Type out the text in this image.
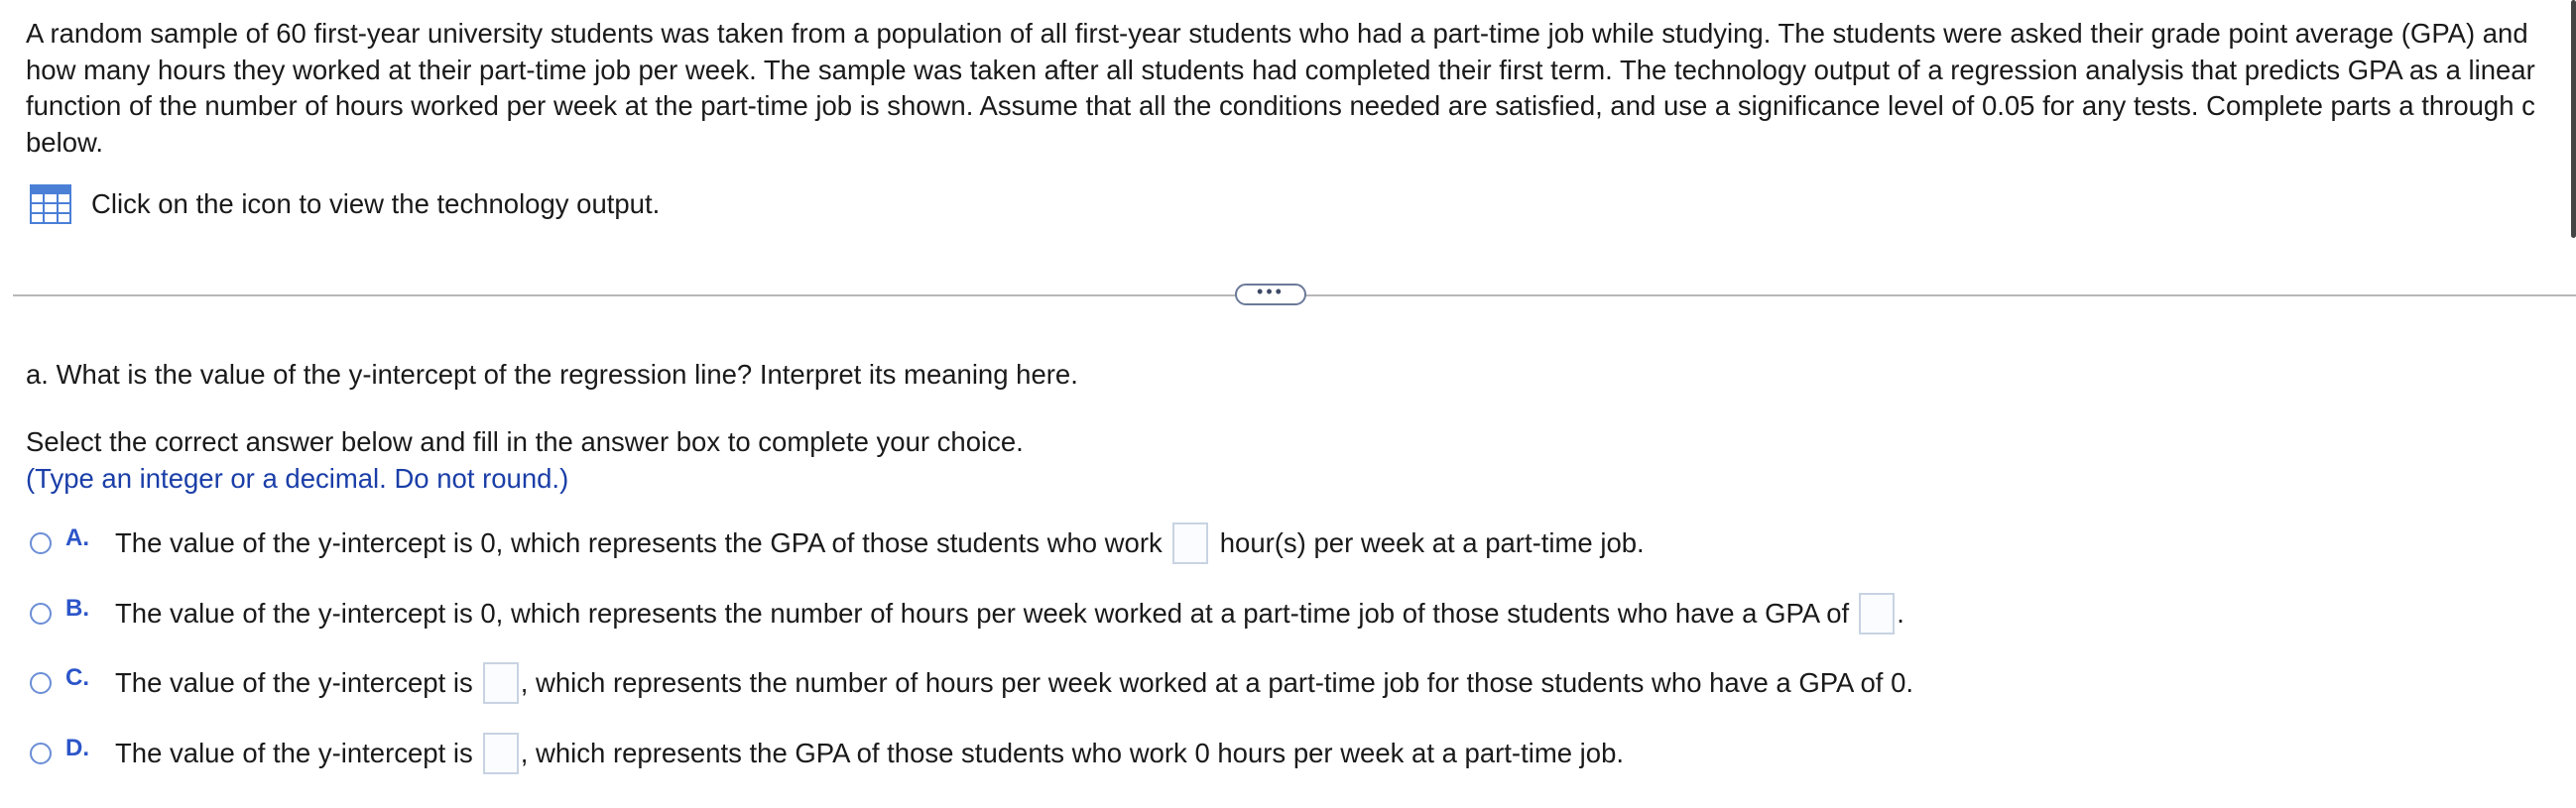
A random sample of 60 first-year university students was taken from a population of all first-year students who had a part-time job while studying. The students were asked their grade point average (GPA) and how many hours they worked at their part-time job per week. The sample was taken after all students had completed their first term. The technology output of a regression analysis that predicts GPA as a linear function of the number of hours worked per week at the part-time job is shown. Assume that all the conditions needed are satisfied, and use a significance level of 0.05 for any tests. Complete parts a through c below.

Click on the icon to view the technology output.
•••

a. What is the value of the y-intercept of the regression line? Interpret its meaning here.

Select the correct answer below and fill in the answer box to complete your choice.
(Type an integer or a decimal. Do not round.)
A. The value of the y-intercept is 0, which represents the GPA of those students who work hour(s) per week at a part-time job.
B. The value of the y-intercept is 0, which represents the number of hours per week worked at a part-time job of those students who have a GPA of .
C. The value of the y-intercept is , which represents the number of hours per week worked at a part-time job for those students who have a GPA of 0.
D. The value of the y-intercept is , which represents the GPA of those students who work 0 hours per week at a part-time job.
